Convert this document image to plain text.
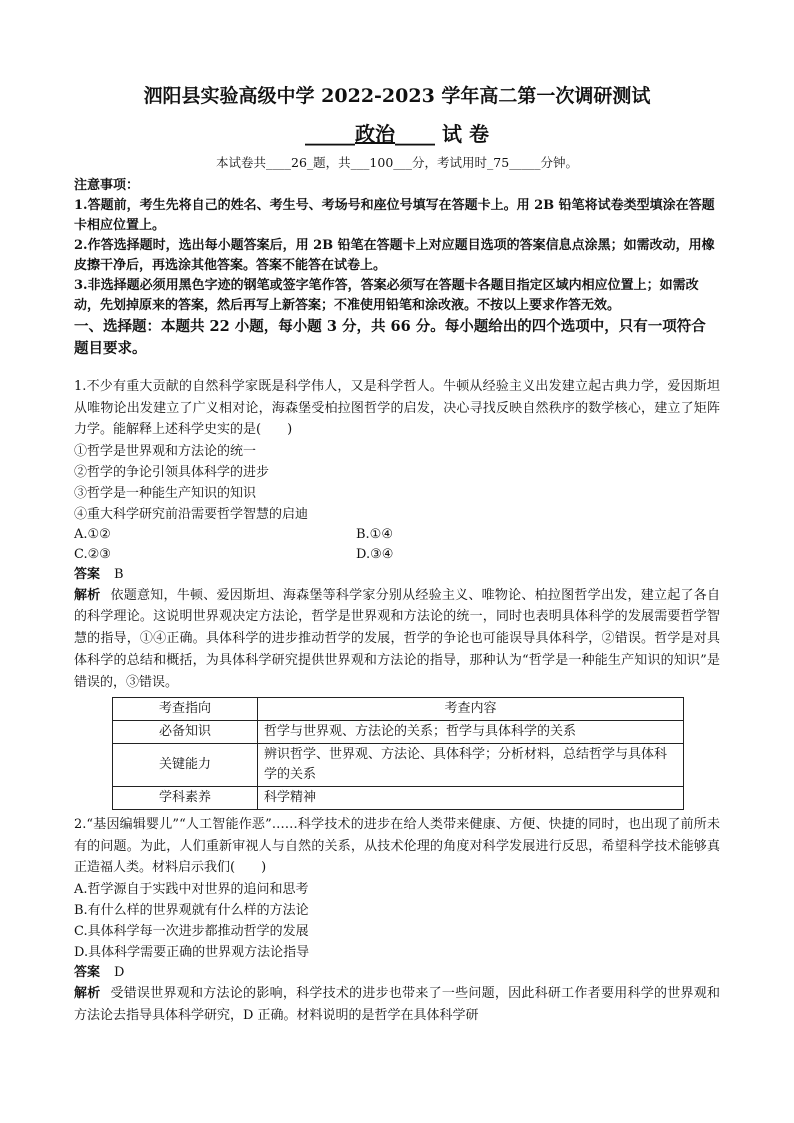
泗阳县实验高级中学 2022-2023 学年高二第一次调研测试
_____政治____ 试 卷
本试卷共____26_题，共___100___分，考试用时_75_____分钟。

注意事项：

1.答题前，考生先将自己的姓名、考生号、考场号和座位号填写在答题卡上。用 2B 铅笔将试卷类型填涂在答题卡相应位置上。

2.作答选择题时，选出每小题答案后，用 2B 铅笔在答题卡上对应题目选项的答案信息点涂黑；如需改动，用橡皮擦干净后，再选涂其他答案。答案不能答在试卷上。

3.非选择题必须用黑色字迹的钢笔或签字笔作答，答案必须写在答题卡各题目指定区域内相应位置上；如需改动，先划掉原来的答案，然后再写上新答案；不准使用铅笔和涂改液。不按以上要求作答无效。

一、选择题：本题共 22 小题，每小题 3 分，共 66 分。每小题给出的四个选项中，只有一项符合题目要求。

1.不少有重大贡献的自然科学家既是科学伟人，又是科学哲人。牛顿从经验主义出发建立起古典力学，爱因斯坦从唯物论出发建立了广义相对论，海森堡受柏拉图哲学的启发，决心寻找反映自然秩序的数学核心，建立了矩阵力学。能解释上述科学史实的是(　　)

①哲学是世界观和方法论的统一
②哲学的争论引领具体科学的进步
③哲学是一种能生产知识的知识
④重大科学研究前沿需要哲学智慧的启迪
A.①②	B.①④
C.②③	D.③④
答案 B
解析 依题意知，牛顿、爱因斯坦、海森堡等科学家分别从经验主义、唯物论、柏拉图哲学出发，建立起了各自的科学理论。这说明世界观决定方法论，哲学是世界观和方法论的统一，同时也表明具体科学的发展需要哲学智慧的指导，①④正确。具体科学的进步推动哲学的发展，哲学的争论也可能误导具体科学，②错误。哲学是对具体科学的总结和概括，为具体科学研究提供世界观和方法论的指导，那种认为“哲学是一种能生产知识的知识”是错误的，③错误。
考查指向	考查内容
必备知识	哲学与世界观、方法论的关系；哲学与具体科学的关系
关键能力	辨识哲学、世界观、方法论、具体科学；分析材料，总结哲学与具体科学的关系
学科素养	科学精神

2.“基因编辑婴儿”“人工智能作恶”……科学技术的进步在给人类带来健康、方便、快捷的同时，也出现了前所未有的问题。为此，人们重新审视人与自然的关系，从技术伦理的角度对科学发展进行反思，希望科学技术能够真正造福人类。材料启示我们(　　)

A.哲学源自于实践中对世界的追问和思考
B.有什么样的世界观就有什么样的方法论
C.具体科学每一次进步都推动哲学的发展
D.具体科学需要正确的世界观方法论指导
答案 D
解析 受错误世界观和方法论的影响，科学技术的进步也带来了一些问题，因此科研工作者要用科学的世界观和方法论去指导具体科学研究，D 正确。材料说明的是哲学在具体科学研
